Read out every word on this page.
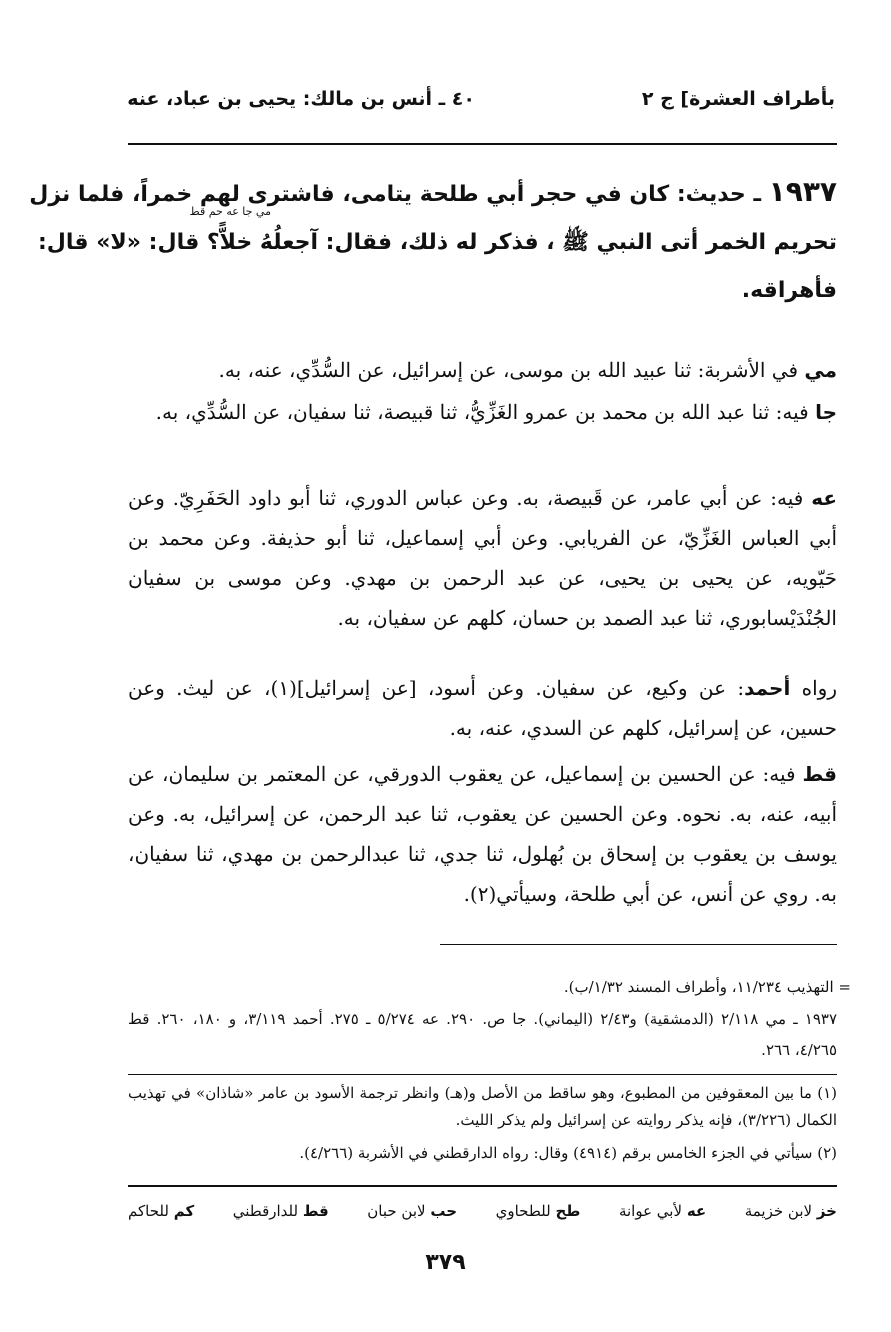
بأطراف العشرة] ج ٢
٤٠ ـ أنس بن مالك: يحيى بن عباد، عنه
١٩٣٧ ـ حديث: كان في حجر أبي طلحة يتامى، فاشترى لهم خمراً، فلما نزل
تحريم الخمر أتى النبي ﷺ ، فذكر له ذلك، فقال: آجعلُهُ خلاًّ؟ قال: «لا» قال:
فأهراقه.
مي جا عه حم قط

مي في الأشربة: ثنا عبيد الله بن موسى، عن إسرائيل، عن السُّدِّي، عنه، به.

جا فيه: ثنا عبد الله بن محمد بن عمرو الغَزِّيُّ، ثنا قبيصة، ثنا سفيان، عن السُّدِّي، به.

عه فيه: عن أبي عامر، عن قَبيصة، به. وعن عباس الدوري، ثنا أبو داود الحَفَرِيّ. وعن أبي العباس الغَزِّيّ، عن الفريابي. وعن أبي إسماعيل، ثنا أبو حذيفة. وعن محمد بن حَيّويه، عن يحيى بن يحيى، عن عبد الرحمن بن مهدي. وعن موسى بن سفيان الجُنْدَيْسابوري، ثنا عبد الصمد بن حسان، كلهم عن سفيان، به.

رواه أحمد: عن وكيع، عن سفيان. وعن أسود، [عن إسرائيل](١)، عن ليث. وعن حسين، عن إسرائيل، كلهم عن السدي، عنه، به.

قط فيه: عن الحسين بن إسماعيل، عن يعقوب الدورقي، عن المعتمر بن سليمان، عن أبيه، عنه، به. نحوه. وعن الحسين عن يعقوب، ثنا عبد الرحمن، عن إسرائيل، به. وعن يوسف بن يعقوب بن إسحاق بن بُهلول، ثنا جدي، ثنا عبدالرحمن بن مهدي، ثنا سفيان، به. روي عن أنس، عن أبي طلحة، وسيأتي(٢).

= التهذيب ١١/٢٣٤، وأطراف المسند ١/٣٢/ب).
١٩٣٧ ـ مي ٢/١١٨ (الدمشقية) و٢/٤٣ (اليماني). جا ص. ٢٩٠. عه ٥/٢٧٤ ـ ٢٧٥. أحمد ٣/١١٩، و ١٨٠، ٢٦٠. قط ٤/٢٦٥، ٢٦٦.
(١) ما بين المعقوفين من المطبوع، وهو ساقط من الأصل و(هـ) وانظر ترجمة الأسود بن عامر «شاذان» في تهذيب الكمال (٣/٢٢٦)، فإنه يذكر روايته عن إسرائيل ولم يذكر الليث.
(٢) سيأتي في الجزء الخامس برقم (٤٩١٤) وقال: رواه الدارقطني في الأشربة (٤/٢٦٦).
خز لابن خزيمة
عه لأبي عوانة
طح للطحاوي
حب لابن حبان
قط للدارقطني
كم للحاكم
٣٧٩
